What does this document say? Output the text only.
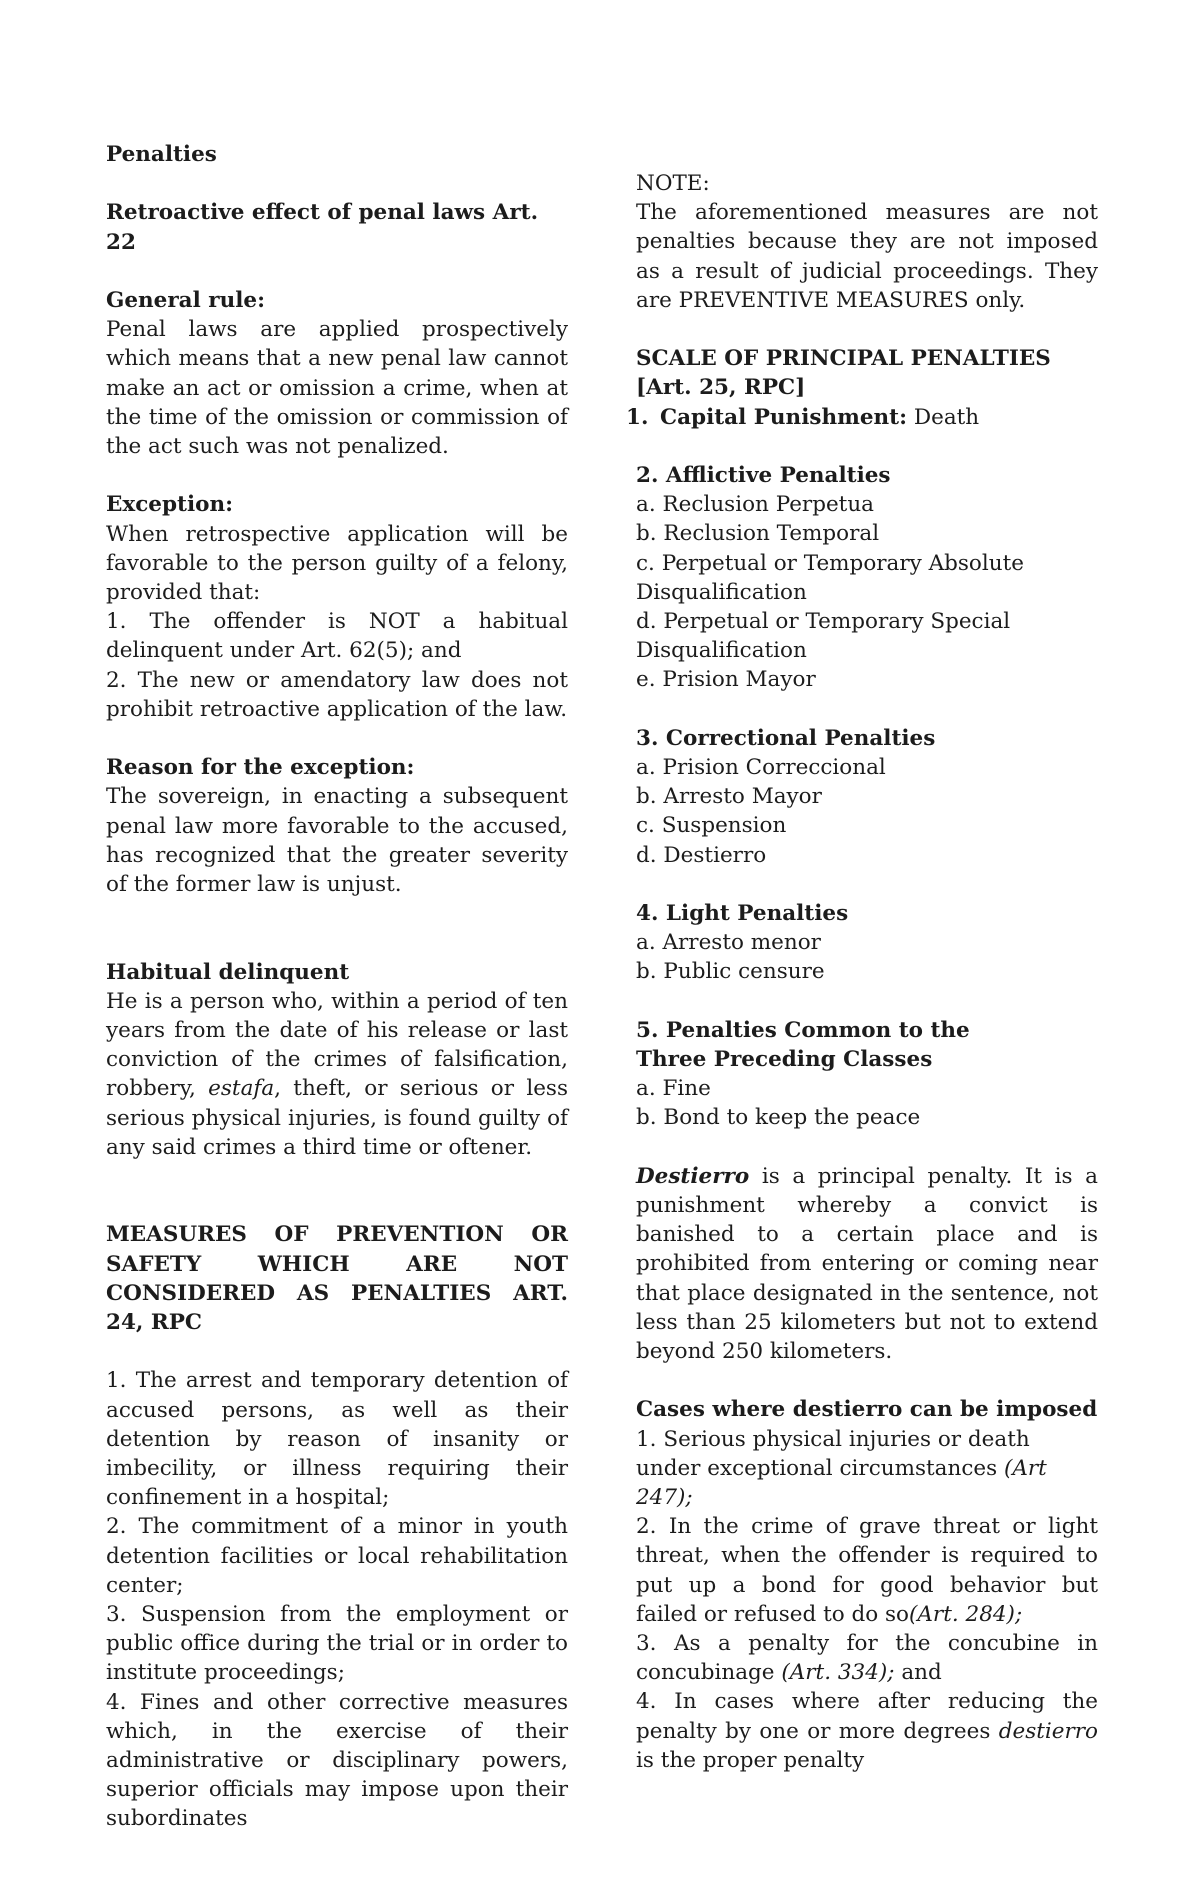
Penalties

Retroactive effect of penal laws Art. 22

General rule:

Penal laws are applied prospectively which means that a new penal law cannot make an act or omission a crime, when at the time of the omission or commission of the act such was not penalized.

Exception:

When retrospective application will be favorable to the person guilty of a felony, provided that:

1. The offender is NOT a habitual delinquent under Art. 62(5); and

2. The new or amendatory law does not prohibit retroactive application of the law.

Reason for the exception:

The sovereign, in enacting a subsequent penal law more favorable to the accused, has recognized that the greater severity of the former law is unjust.

Habitual delinquent

He is a person who, within a period of ten years from the date of his release or last conviction of the crimes of falsification, robbery, estafa, theft, or serious or less serious physical injuries, is found guilty of any said crimes a third time or oftener.

MEASURES OF PREVENTION OR SAFETY WHICH ARE NOT CONSIDERED AS PENALTIES ART. 24, RPC

1. The arrest and temporary detention of accused persons, as well as their detention by reason of insanity or imbecility, or illness requiring their confinement in a hospital;

2. The commitment of a minor in youth detention facilities or local rehabilitation center;

3. Suspension from the employment or public office during the trial or in order to institute proceedings;

4. Fines and other corrective measures which, in the exercise of their administrative or disciplinary powers, superior officials may impose upon their subordinates

NOTE:

The aforementioned measures are not penalties because they are not imposed as a result of judicial proceedings. They are PREVENTIVE MEASURES only.

SCALE OF PRINCIPAL PENALTIES

[Art. 25, RPC]

1. Capital Punishment: Death

2. Afflictive Penalties

a. Reclusion Perpetua

b. Reclusion Temporal

c. Perpetual or Temporary Absolute Disqualification

d. Perpetual or Temporary Special Disqualification

e. Prision Mayor

3. Correctional Penalties

a. Prision Correccional

b. Arresto Mayor

c. Suspension

d. Destierro

4. Light Penalties

a. Arresto menor

b. Public censure

5. Penalties Common to the Three Preceding Classes

a. Fine

b. Bond to keep the peace

Destierro is a principal penalty. It is a punishment whereby a convict is banished to a certain place and is prohibited from entering or coming near that place designated in the sentence, not less than 25 kilometers but not to extend beyond 250 kilometers.

Cases where destierro can be imposed

1. Serious physical injuries or death under exceptional circumstances (Art 247);

2. In the crime of grave threat or light threat, when the offender is required to put up a bond for good behavior but failed or refused to do so(Art. 284);

3. As a penalty for the concubine in concubinage (Art. 334); and

4. In cases where after reducing the penalty by one or more degrees destierro is the proper penalty
